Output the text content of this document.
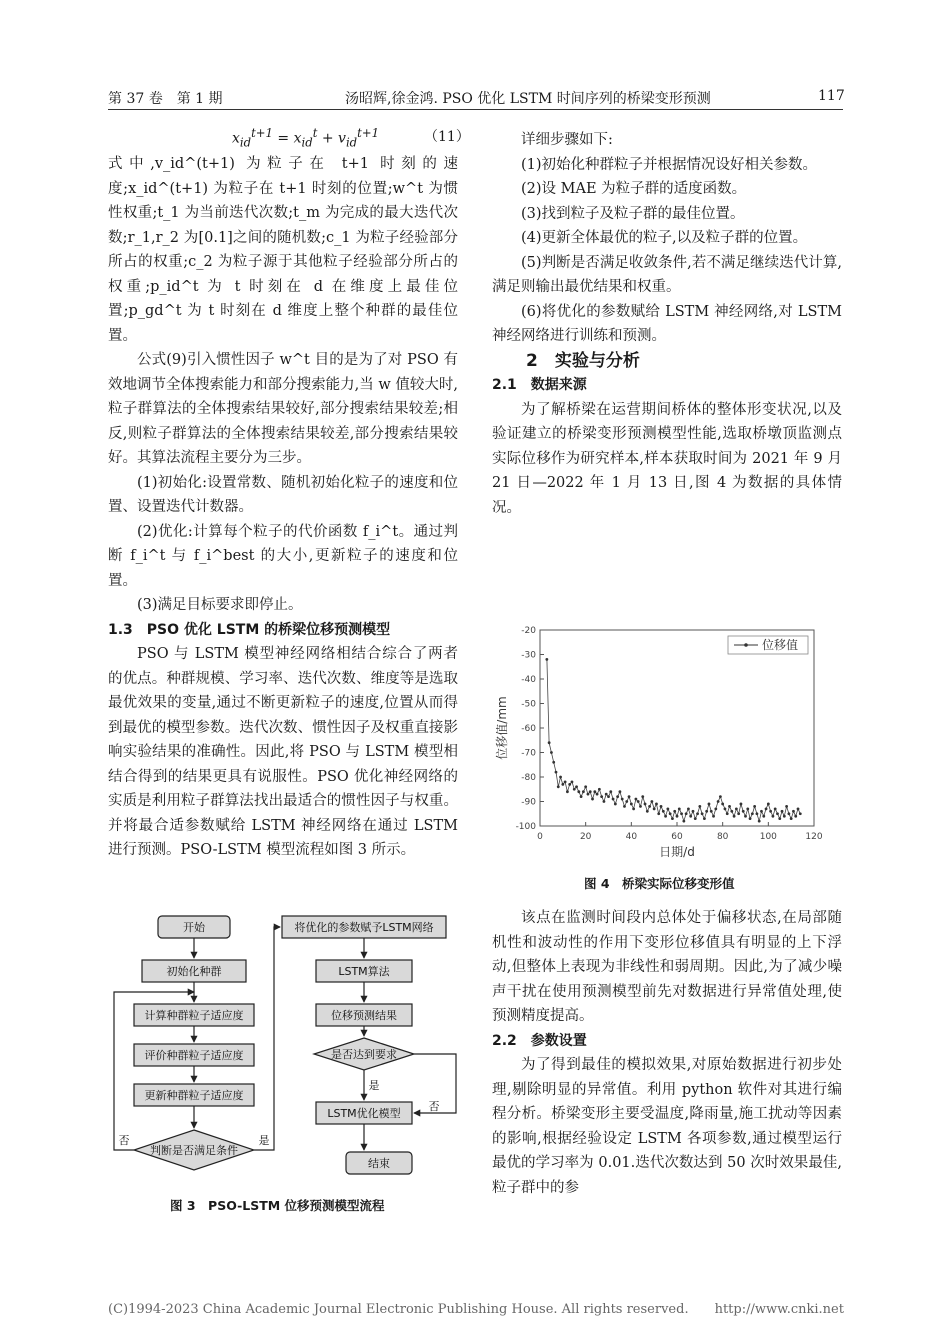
第 37 卷　第 1 期	汤昭辉,徐金鸿. PSO 优化 LSTM 时间序列的桥梁变形预测	117
$x_{id}^{t+1} = x_{id}^t + v_{id}^{t+1}$	（11）

式中,v_id^(t+1) 为粒子在 t+1 时刻的速度;x_id^(t+1) 为粒子在 t+1 时刻的位置;w^t 为惯性权重;t_1 为当前迭代次数;t_m 为完成的最大迭代次数;r_1,r_2 为[0.1]之间的随机数;c_1 为粒子经验部分所占的权重;c_2 为粒子源于其他粒子经验部分所占的权重;p_id^t 为 t 时刻在 d 在维度上最佳位置;p_gd^t 为 t 时刻在 d 维度上整个种群的最佳位置。

公式(9)引入惯性因子 w^t 目的是为了对 PSO 有效地调节全体搜索能力和部分搜索能力,当 w 值较大时,粒子群算法的全体搜索结果较好,部分搜索结果较差;相反,则粒子群算法的全体搜索结果较差,部分搜索结果较好。其算法流程主要分为三步。

(1)初始化:设置常数、随机初始化粒子的速度和位置、设置迭代计数器。

(2)优化:计算每个粒子的代价函数 f_i^t。通过判断 f_i^t 与 f_i^best 的大小,更新粒子的速度和位置。

(3)满足目标要求即停止。

1.3　PSO 优化 LSTM 的桥梁位移预测模型

PSO 与 LSTM 模型神经网络相结合综合了两者的优点。种群规模、学习率、迭代次数、维度等是选取最优效果的变量,通过不断更新粒子的速度,位置从而得到最优的模型参数。迭代次数、惯性因子及权重直接影响实验结果的准确性。因此,将 PSO 与 LSTM 模型相结合得到的结果更具有说服性。PSO 优化神经网络的实质是利用粒子群算法找出最适合的惯性因子与权重。并将最合适参数赋给 LSTM 神经网络在通过 LSTM 进行预测。PSO-LSTM 模型流程如图 3 所示。

开始
初始化种群
计算种群粒子适应度
评价种群粒子适应度
更新种群粒子适应度
判断是否满足条件
否	是
将优化的参数赋予LSTM网络
LSTM算法
位移预测结果
是否达到要求
是
否
LSTM优化模型
结束
图 3　PSO-LSTM 位移预测模型流程

详细步骤如下:

(1)初始化种群粒子并根据情况设好相关参数。

(2)设 MAE 为粒子群的适度函数。

(3)找到粒子及粒子群的最佳位置。

(4)更新全体最优的粒子,以及粒子群的位置。

(5)判断是否满足收敛条件,若不满足继续迭代计算,满足则输出最优结果和权重。

(6)将优化的参数赋给 LSTM 神经网络,对 LSTM 神经网络进行训练和预测。

2　实验与分析

2.1　数据来源

为了解桥梁在运营期间桥体的整体形变状况,以及验证建立的桥梁变形预测模型性能,选取桥墩顶监测点实际位移作为研究样本,样本获取时间为 2021 年 9 月 21 日—2022 年 1 月 13 日,图 4 为数据的具体情况。

-20
-30
-40
-50
-60
-70
-80
-90
-100
0	20	40	60	80	100	120
位移值/mm
日期/d
位移值
图 4　桥梁实际位移变形值

该点在监测时间段内总体处于偏移状态,在局部随机性和波动性的作用下变形位移值具有明显的上下浮动,但整体上表现为非线性和弱周期。因此,为了减少噪声干扰在使用预测模型前先对数据进行异常值处理,使预测精度提高。

2.2　参数设置

为了得到最佳的模拟效果,对原始数据进行初步处理,剔除明显的异常值。利用 python 软件对其进行编程分析。桥梁变形主要受温度,降雨量,施工扰动等因素的影响,根据经验设定 LSTM 各项参数,通过模型运行最优的学习率为 0.01.迭代次数达到 50 次时效果最佳,粒子群中的参

(C)1994-2023 China Academic Journal Electronic Publishing House. All rights reserved.　　http://www.cnki.net
